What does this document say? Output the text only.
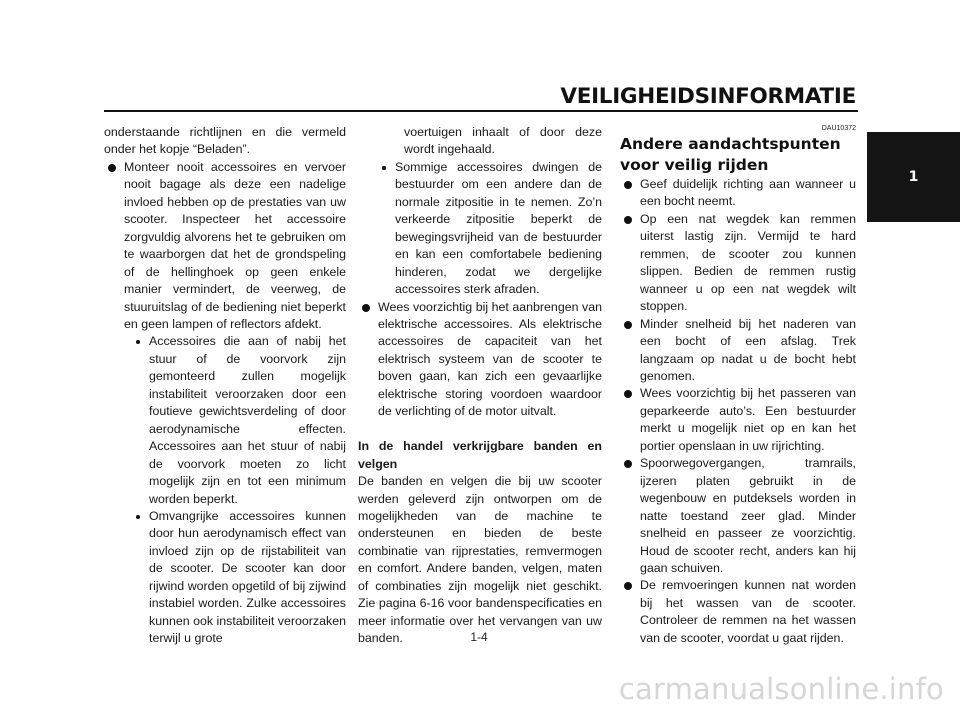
VEILIGHEIDSINFORMATIE
1

onderstaande richtlijnen en die vermeld onder het kopje “Beladen”.

Monteer nooit accessoires en vervoer nooit bagage als deze een nadelige invloed hebben op de prestaties van uw scooter. Inspecteer het accessoire zorgvuldig alvorens het te gebruiken om te waarborgen dat het de grondspeling of de hellinghoek op geen enkele manier vermindert, de veerweg, de stuuruitslag of de bediening niet beperkt en geen lampen of reflectors afdekt.

Accessoires die aan of nabij het stuur of de voorvork zijn gemonteerd zullen mogelijk instabiliteit veroorzaken door een foutieve gewichtsverdeling of door aerodynamische effecten. Accessoires aan het stuur of nabij de voorvork moeten zo licht mogelijk zijn en tot een minimum worden beperkt.

Omvangrijke accessoires kunnen door hun aerodynamisch effect van invloed zijn op de rijstabiliteit van de scooter. De scooter kan door rijwind worden opgetild of bij zijwind instabiel worden. Zulke accessoires kunnen ook instabiliteit veroorzaken terwijl u grote

voertuigen inhaalt of door deze wordt ingehaald.

Sommige accessoires dwingen de bestuurder om een andere dan de normale zitpositie in te nemen. Zo’n verkeerde zitpositie beperkt de bewegingsvrijheid van de bestuurder en kan een comfortabele bediening hinderen, zodat we dergelijke accessoires sterk afraden.

Wees voorzichtig bij het aanbrengen van elektrische accessoires. Als elektrische accessoires de capaciteit van het elektrisch systeem van de scooter te boven gaan, kan zich een gevaarlijke elektrische storing voordoen waardoor de verlichting of de motor uitvalt.

In de handel verkrijgbare banden en velgen

De banden en velgen die bij uw scooter werden geleverd zijn ontworpen om de mogelijkheden van de machine te ondersteunen en bieden de beste combinatie van rijprestaties, remvermogen en comfort. Andere banden, velgen, maten of combinaties zijn mogelijk niet geschikt. Zie pagina 6-16 voor bandenspecificaties en meer informatie over het vervangen van uw banden.

DAU10372

Andere aandachtspunten voor veilig rijden

Geef duidelijk richting aan wanneer u een bocht neemt.

Op een nat wegdek kan remmen uiterst lastig zijn. Vermijd te hard remmen, de scooter zou kunnen slippen. Bedien de remmen rustig wanneer u op een nat wegdek wilt stoppen.

Minder snelheid bij het naderen van een bocht of een afslag. Trek langzaam op nadat u de bocht hebt genomen.

Wees voorzichtig bij het passeren van geparkeerde auto’s. Een bestuurder merkt u mogelijk niet op en kan het portier openslaan in uw rijrichting.

Spoorwegovergangen, tramrails, ijzeren platen gebruikt in de wegenbouw en putdeksels worden in natte toestand zeer glad. Minder snelheid en passeer ze voorzichtig. Houd de scooter recht, anders kan hij gaan schuiven.

De remvoeringen kunnen nat worden bij het wassen van de scooter. Controleer de remmen na het wassen van de scooter, voordat u gaat rijden.

1-4
carmanualsonline.info
